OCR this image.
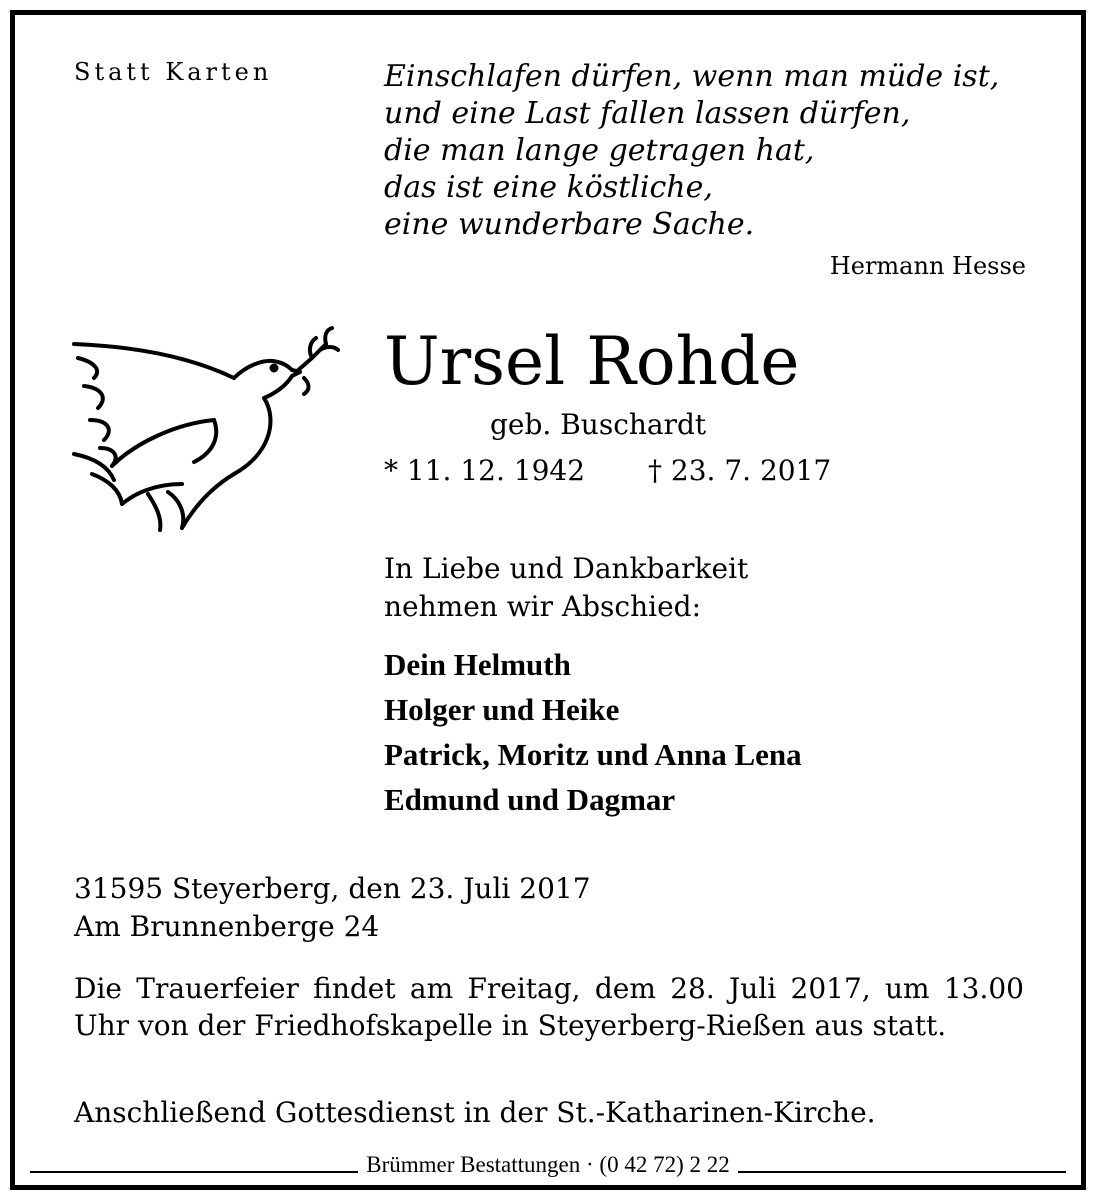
Statt Karten	Einschlafen dürfen, wenn man müde ist,
und eine Last fallen lassen dürfen,
die man lange getragen hat,
das ist eine köstliche,
eine wunderbare Sache.
Hermann Hesse
Ursel Rohde
geb. Buschardt
* 11. 12. 1942 † 23. 7. 2017
In Liebe und Dankbarkeit
nehmen wir Abschied:
Dein Helmuth
Holger und Heike
Patrick, Moritz und Anna Lena
Edmund und Dagmar
31595 Steyerberg, den 23. Juli 2017
Am Brunnenberge 24
Die Trauerfeier findet am Freitag, dem 28. Juli 2017, um 13.00 Uhr von der Friedhofskapelle in Steyerberg-Rießen aus statt.
Anschließend Gottesdienst in der St.-Katharinen-Kirche.
Brümmer Bestattungen · (0 42 72) 2 22
